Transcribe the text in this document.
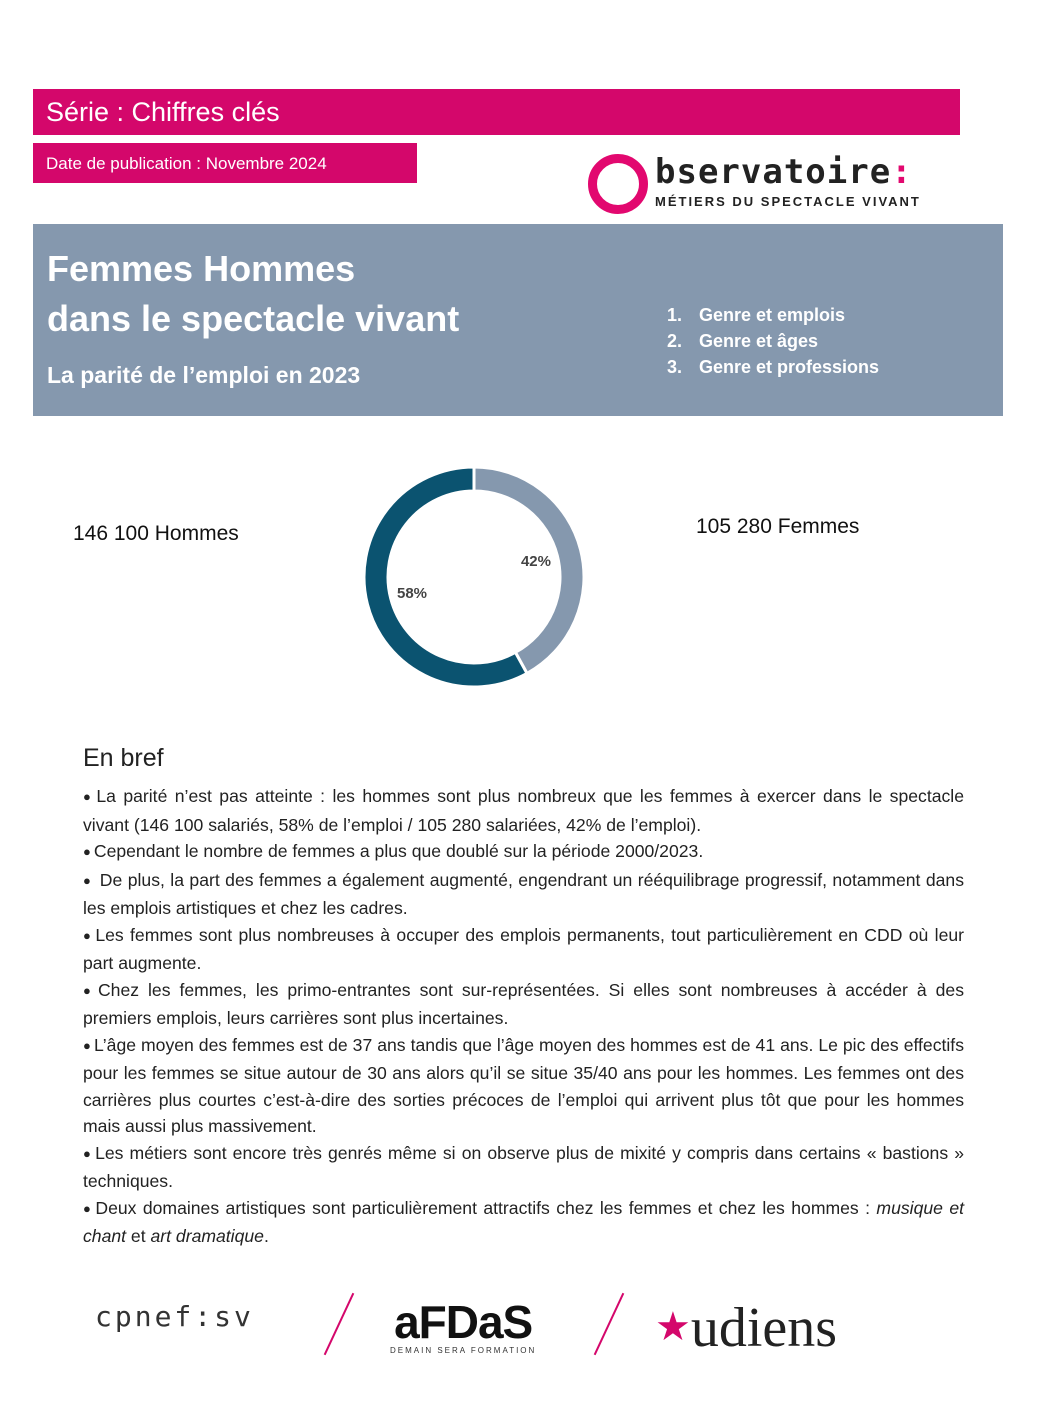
Série : Chiffres clés
Date de publication : Novembre 2024	bservatoire:
MÉTIERS DU SPECTACLE VIVANT
Femmes Hommes
dans le spectacle vivant
La parité de l’emploi en 2023
1. Genre et emplois
2. Genre et âges
3. Genre et professions
146 100 Hommes	105 280 Femmes
42%
58%
En bref
● La parité n’est pas atteinte : les hommes sont plus nombreux que les femmes à exercer dans le spectacle vivant (146 100 salariés, 58% de l’emploi / 105 280 salariées, 42% de l’emploi).
● Cependant le nombre de femmes a plus que doublé sur la période 2000/2023.
● De plus, la part des femmes a également augmenté, engendrant un rééquilibrage progressif, notamment dans les emplois artistiques et chez les cadres.
● Les femmes sont plus nombreuses à occuper des emplois permanents, tout particulièrement en CDD où leur part augmente.
● Chez les femmes, les primo-entrantes sont sur-représentées. Si elles sont nombreuses à accéder à des premiers emplois, leurs carrières sont plus incertaines.
● L’âge moyen des femmes est de 37 ans tandis que l’âge moyen des hommes est de 41 ans. Le pic des effectifs pour les femmes se situe autour de 30 ans alors qu’il se situe 35/40 ans pour les hommes. Les femmes ont des carrières plus courtes c’est-à-dire des sorties précoces de l’emploi qui arrivent plus tôt que pour les hommes mais aussi plus massivement.
● Les métiers sont encore très genrés même si on observe plus de mixité y compris dans certains « bastions » techniques.
● Deux domaines artistiques sont particulièrement attractifs chez les femmes et chez les hommes : musique et chant et art dramatique.
cpnef:sv	aFDaS
DEMAIN SERA FORMATION
★udiens
